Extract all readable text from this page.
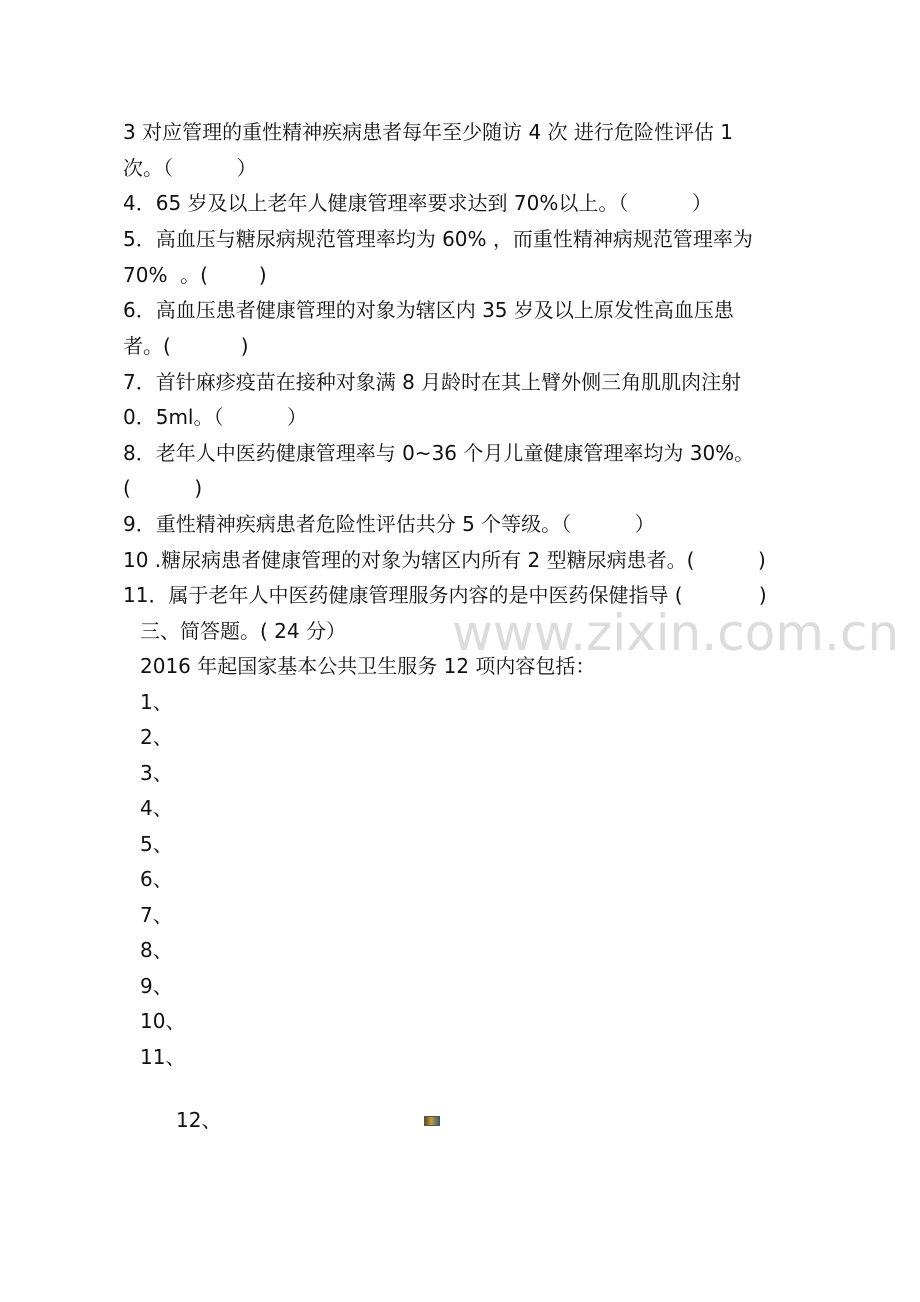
www.zixin.com.cn
3 对应管理的重性精神疾病患者每年至少随访 4 次 进行危险性评估 1
次。（          ）
4．65 岁及以上老年人健康管理率要求达到 70%以上。（          ）
5．高血压与糖尿病规范管理率均为 60% ，而重性精神病规范管理率为
70%  。(        )
6．高血压患者健康管理的对象为辖区内 35 岁及以上原发性高血压患
者。(           )
7．首针麻疹疫苗在接种对象满 8 月龄时在其上臂外侧三角肌肌肉注射
0．5ml。（          ）
8．老年人中医药健康管理率与 0~36 个月儿童健康管理率均为 30%。
(          )
9．重性精神疾病患者危险性评估共分 5 个等级。（          ）
10 .糖尿病患者健康管理的对象为辖区内所有 2 型糖尿病患者。(          )
11．属于老年人中医药健康管理服务内容的是中医药保健指导 (            )
三、简答题。( 24 分）
2016 年起国家基本公共卫生服务 12 项内容包括：
1、
2、
3、
4、
5、
6、
7、
8、
9、
10、
11、
12、
